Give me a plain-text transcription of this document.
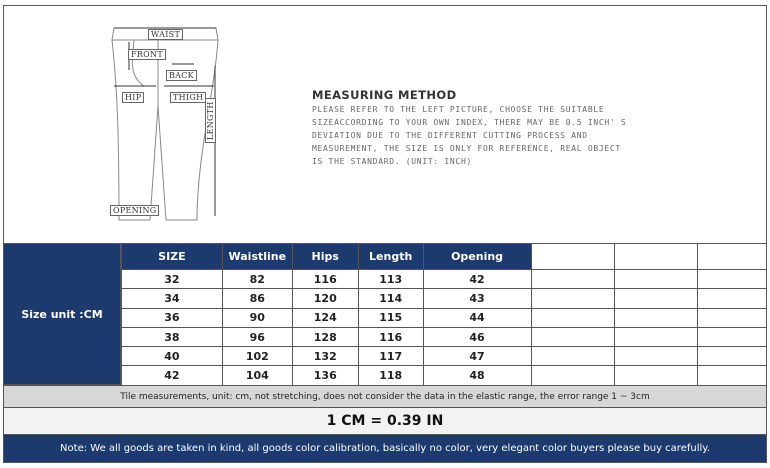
WAIST
FRONT
BACK
HIP	THIGH
LENGTH
OPENING
MEASURING METHOD
PLEASE REFER TO THE LEFT PICTURE, CHOOSE THE SUITABLE
SIZEACCORDING TO YOUR OWN INDEX, THERE MAY BE 0.5 INCH' S
DEVIATION DUE TO THE DIFFERENT CUTTING PROCESS AND
MEASUREMENT, THE SIZE IS ONLY FOR REFERENCE, REAL OBJECT
IS THE STANDARD. (UNIT: INCH)
Size unit :CM
SIZE	Waistline	Hips	Length	Opening			
32	82	116	113	42			
34	86	120	114	43			
36	90	124	115	44			
38	96	128	116	46			
40	102	132	117	47			
42	104	136	118	48			
Tile measurements, unit: cm, not stretching, does not consider the data in the elastic range, the error range 1 ~ 3cm
1 CM = 0.39 IN
Note: We all goods are taken in kind, all goods color calibration, basically no color, very elegant color buyers please buy carefully.
